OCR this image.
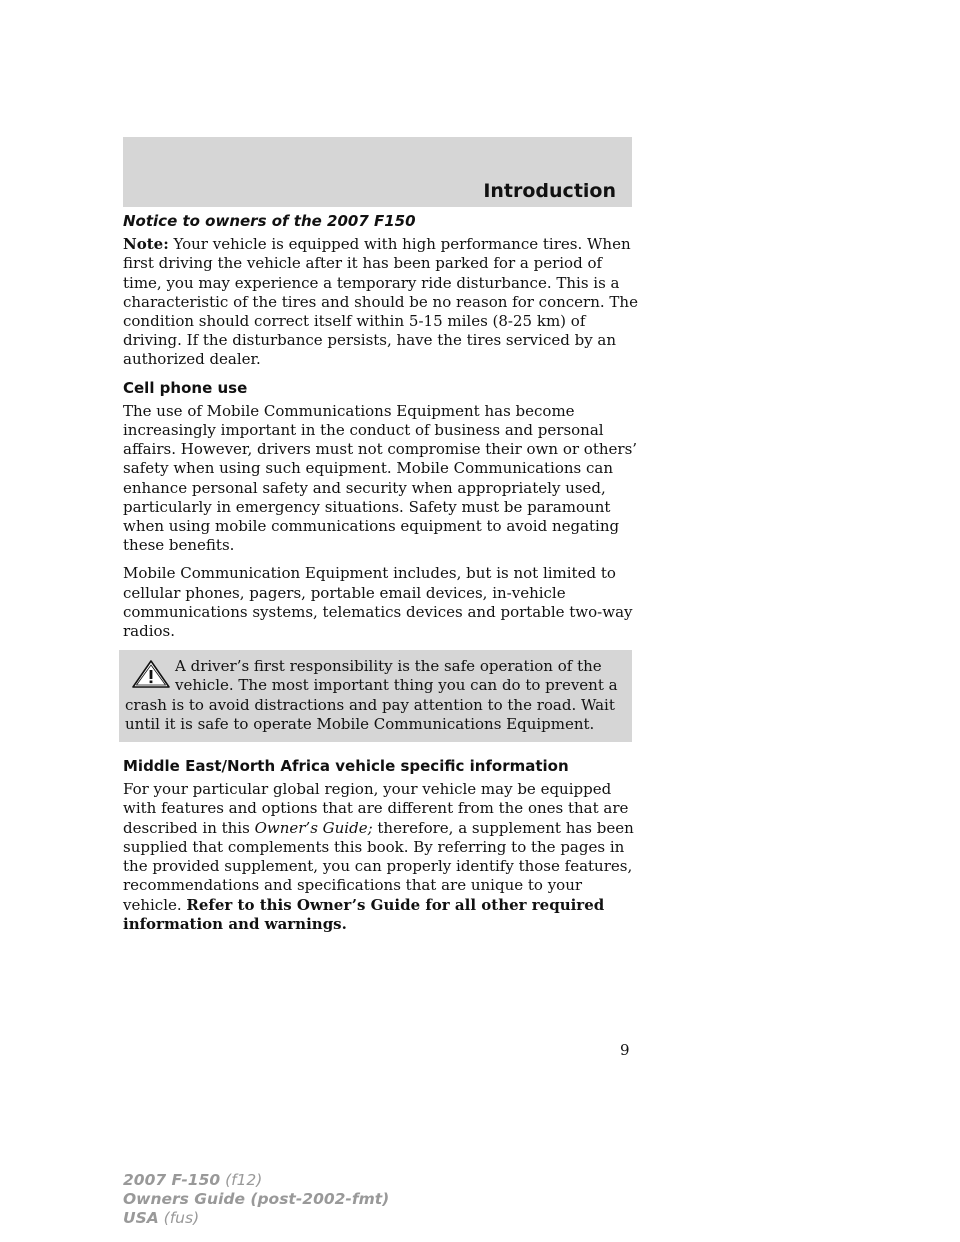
Introduction
Notice to owners of the 2007 F150

Note: Your vehicle is equipped with high performance tires. When first driving the vehicle after it has been parked for a period of time, you may experience a temporary ride disturbance. This is a characteristic of the tires and should be no reason for concern. The condition should correct itself within 5-15 miles (8-25 km) of driving. If the disturbance persists, have the tires serviced by an authorized dealer.

Cell phone use

The use of Mobile Communications Equipment has become increasingly important in the conduct of business and personal affairs. However, drivers must not compromise their own or others’ safety when using such equipment. Mobile Communications can enhance personal safety and security when appropriately used, particularly in emergency situations. Safety must be paramount when using mobile communications equipment to avoid negating these benefits.

Mobile Communication Equipment includes, but is not limited to cellular phones, pagers, portable email devices, in-vehicle communications systems, telematics devices and portable two-way radios.

A driver’s first responsibility is the safe operation of the vehicle. The most important thing you can do to prevent a crash is to avoid distractions and pay attention to the road. Wait until it is safe to operate Mobile Communications Equipment.

Middle East/North Africa vehicle specific information

For your particular global region, your vehicle may be equipped with features and options that are different from the ones that are described in this Owner’s Guide; therefore, a supplement has been supplied that complements this book. By referring to the pages in the provided supplement, you can properly identify those features, recommendations and specifications that are unique to your vehicle. Refer to this Owner’s Guide for all other required information and warnings.

9
2007 F-150 (f12)
Owners Guide (post-2002-fmt)
USA (fus)
